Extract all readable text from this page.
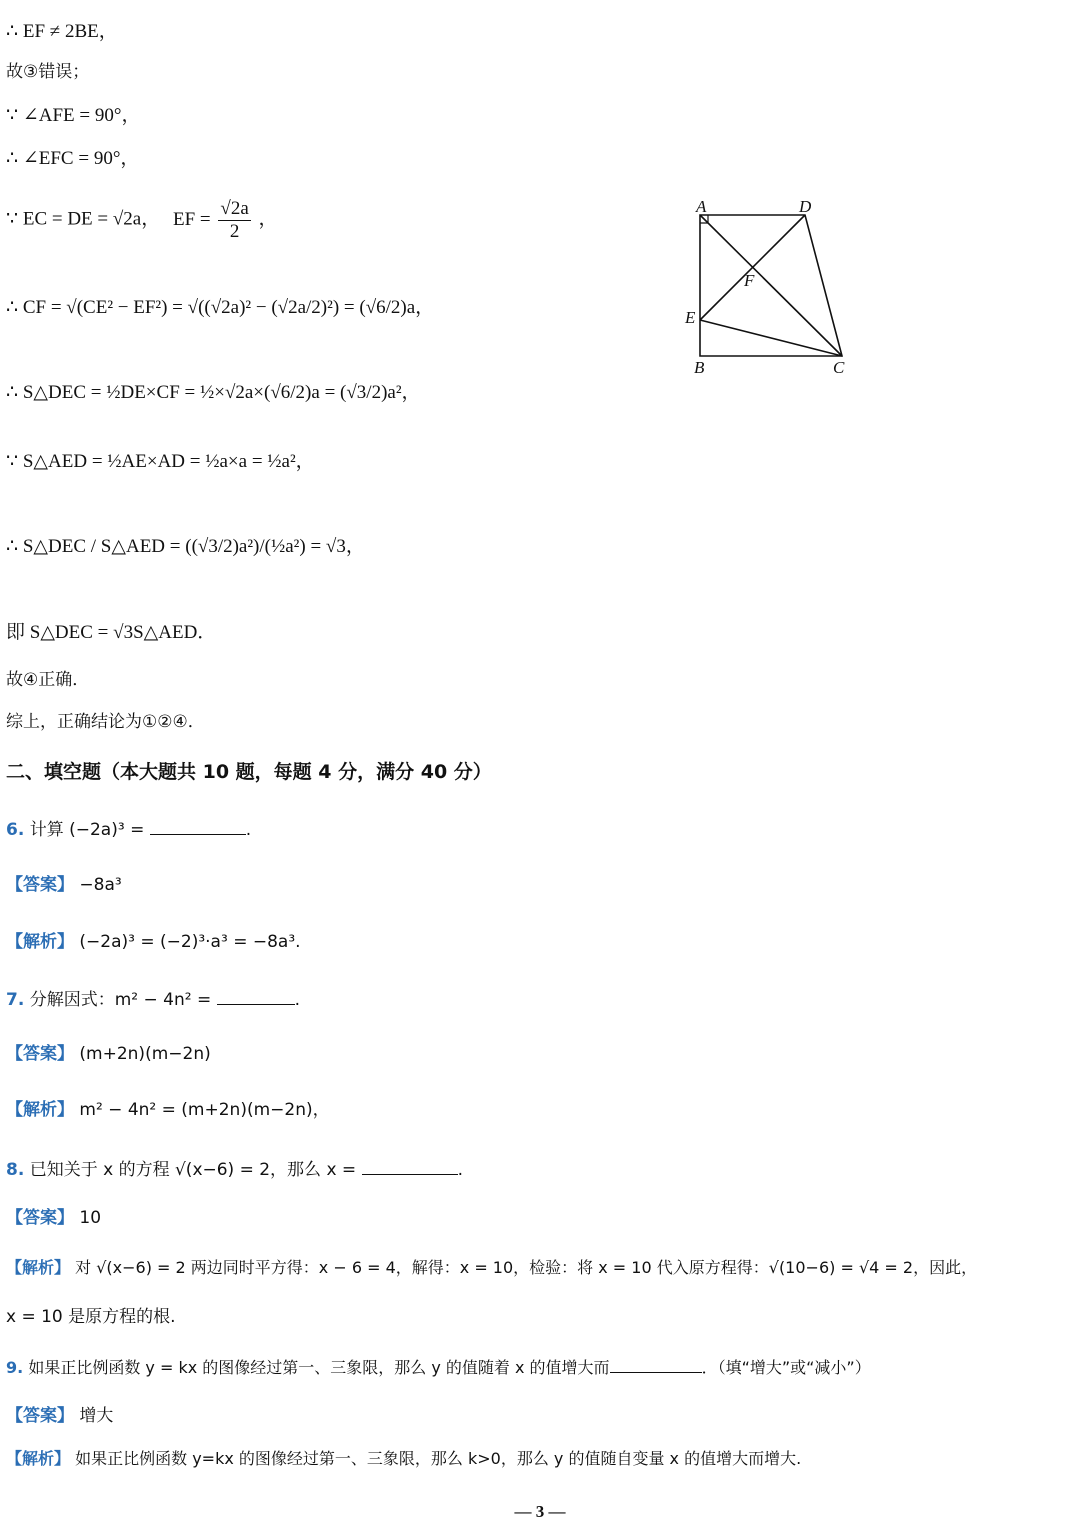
∴ EF ≠ 2BE，
故③错误；
∵ ∠AFE = 90°，
∴ ∠EFC = 90°，
∵ EC = DE = √2a， EF = $\frac{√2a}{2}$ ，
∴ CF = √(CE² − EF²) = √((√2a)² − (√2a/2)²) = (√6/2)a，
∴ S△DEC = ½DE×CF = ½×√2a×(√6/2)a = (√3/2)a²，
∵ S△AED = ½AE×AD = ½a×a = ½a²，
∴ S△DEC / S△AED = ((√3/2)a²)/(½a²) = √3，
即 S△DEC = √3S△AED．
故④正确．
综上，正确结论为①②④．
二、填空题（本大题共 10 题，每题 4 分，满分 40 分）
6. 计算 (−2a)³ =	.
【答案】 −8a³
【解析】 (−2a)³ = (−2)³·a³ = −8a³.
7. 分解因式：m² − 4n² =	.
【答案】 (m+2n)(m−2n)
【解析】 m² − 4n² = (m+2n)(m−2n)，
8. 已知关于 x 的方程 √(x−6) = 2，那么 x =	.
【答案】 10
【解析】 对 √(x−6) = 2 两边同时平方得：x − 6 = 4，解得：x = 10，检验：将 x = 10 代入原方程得：√(10−6) = √4 = 2，因此，
x = 10 是原方程的根.
9. 如果正比例函数 y = kx 的图像经过第一、三象限，那么 y 的值随着 x 的值增大而	．（填“增大”或“减小”）
【答案】 增大
【解析】 如果正比例函数 y=kx 的图像经过第一、三象限，那么 k>0，那么 y 的值随自变量 x 的值增大而增大.
— 3 —
A	D
F
E
B	C
